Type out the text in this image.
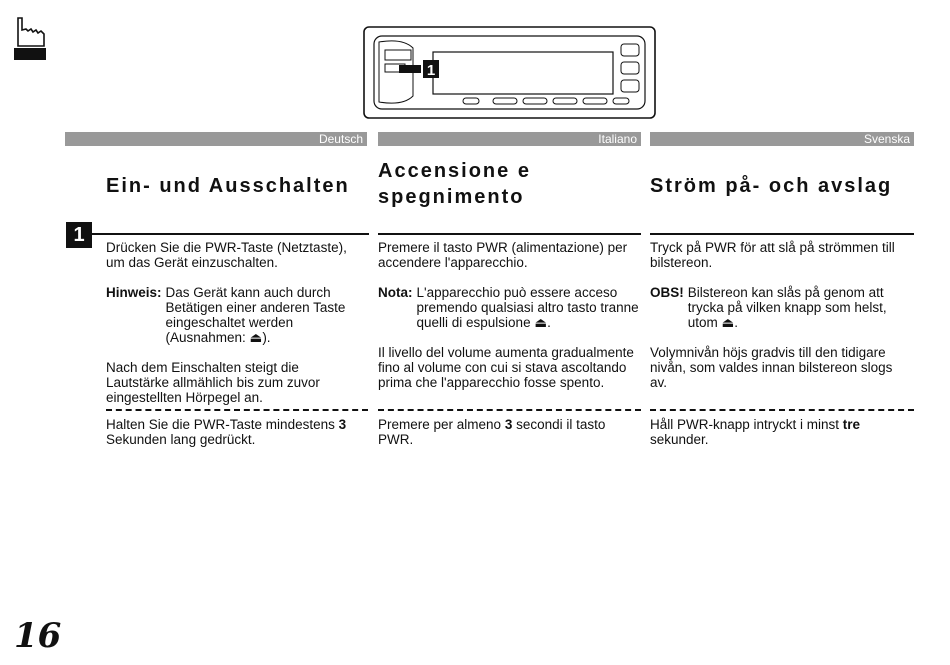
1
Deutsch	Italiano	Svenska
Ein- und Ausschalten
Accensione e spegnimento	Ström på- och avslag
1

Drücken Sie die PWR-Taste (Netztaste), um das Gerät einzuschalten.

Hinweis: Das Gerät kann auch durch Betätigen einer anderen Taste eingeschaltet werden (Ausnahmen: ⏏).

Nach dem Einschalten steigt die Lautstärke allmählich bis zum zuvor eingestellten Hörpegel an.

Halten Sie die PWR-Taste mindestens 3 Sekunden lang gedrückt.

Premere il tasto PWR (alimentazione) per accendere l'apparecchio.

Nota: L'apparecchio può essere acceso premendo qualsiasi altro tasto tranne quelli di espulsione ⏏.

Il livello del volume aumenta gradualmente fino al volume con cui si stava ascoltando prima che l'apparecchio fosse spento.

Premere per almeno 3 secondi il tasto PWR.

Tryck på PWR för att slå på strömmen till bilstereon.

OBS! Bilstereon kan slås på genom att trycka på vilken knapp som helst, utom ⏏.

Volymnivån höjs gradvis till den tidigare nivån, som valdes innan bilstereon slogs av.

Håll PWR-knapp intryckt i minst tre sekunder.
16
